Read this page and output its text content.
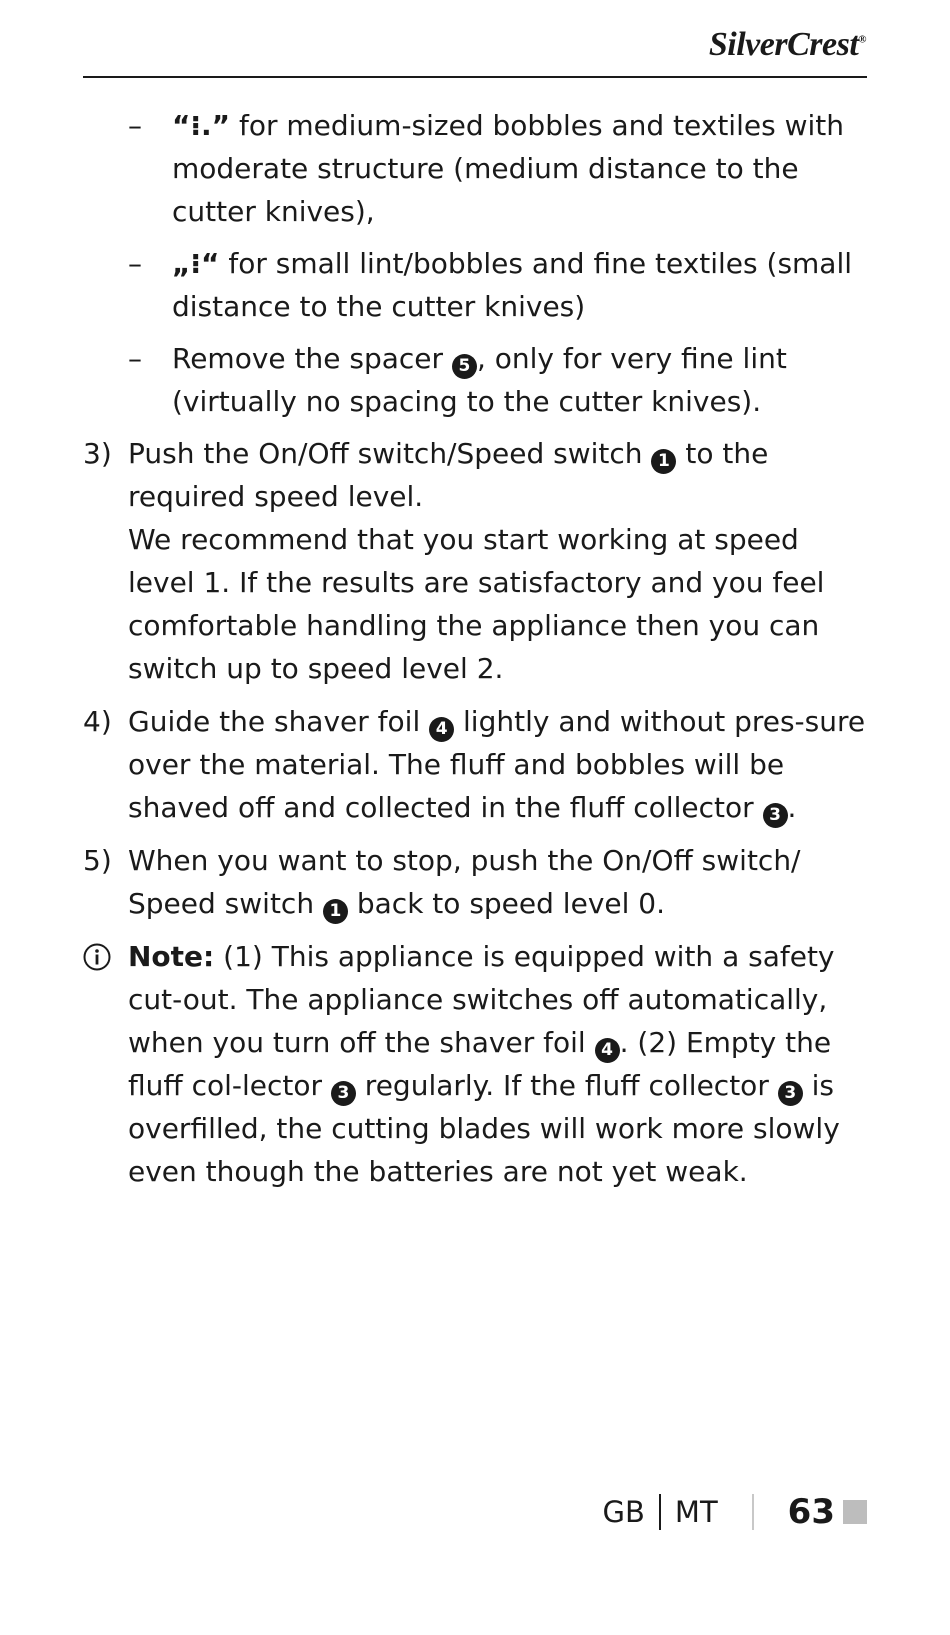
SilverCrest®
– “⁝.” for medium-sized bobbles and textiles with moderate structure (medium distance to the cutter knives),
– „⁝“ for small lint/bobbles and fine textiles (small distance to the cutter knives)
– Remove the spacer 5 , only for very fine lint (virtually no spacing to the cutter knives).
3) Push the On/Off switch/Speed switch 1 to the required speed level.
We recommend that you start working at speed level 1. If the results are satisfactory and you feel comfortable handling the appliance then you can switch up to speed level 2.
4) Guide the shaver foil 4 lightly and without pres-sure over the material. The fluff and bobbles will be shaved off and collected in the fluff collector 3 .
5) When you want to stop, push the On/Off switch/ Speed switch 1 back to speed level 0.
Note: (1) This appliance is equipped with a safety cut-out. The appliance switches off automatically, when you turn off the shaver foil 4 . (2) Empty the fluff col-lector 3 regularly. If the fluff collector 3 is overfilled, the cutting blades will work more slowly even though the batteries are not yet weak.
GB MT 63
